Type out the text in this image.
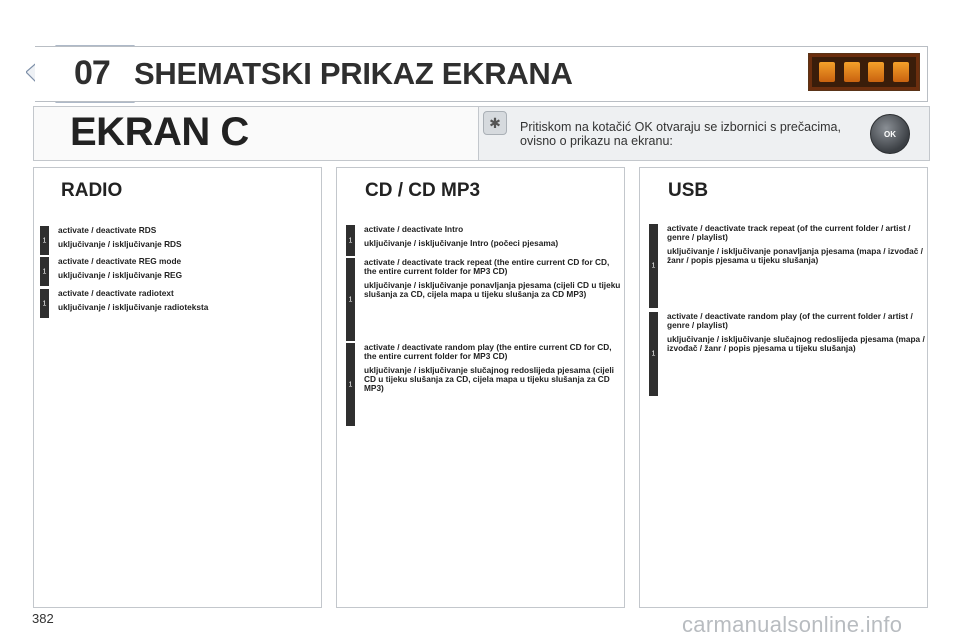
07 SHEMATSKI PRIKAZ EKRANA
EKRAN C	✱	Pritiskom na kotačić OK otvaraju se izbornici s prečacima, ovisno o prikazu na ekranu:	OK
RADIO
1

activate / deactivate RDS

uključivanje / isključivanje RDS

1

activate / deactivate REG mode

uključivanje / isključivanje REG

1

activate / deactivate radiotext

uključivanje / isključivanje radioteksta

CD / CD MP3
1

activate / deactivate Intro

uključivanje / isključivanje Intro (počeci pjesama)

1

activate / deactivate track repeat (the entire current CD for CD, the entire current folder for MP3 CD)

uključivanje / isključivanje ponavljanja pjesama (cijeli CD u tijeku slušanja za CD, cijela mapa u tijeku slušanja za CD MP3)

1

activate / deactivate random play (the entire current CD for CD, the entire current folder for MP3 CD)

uključivanje / isključivanje slučajnog redoslijeda pjesama (cijeli CD u tijeku slušanja za CD, cijela mapa u tijeku slušanja za CD MP3)

USB
1

activate / deactivate track repeat (of the current folder / artist / genre / playlist)

uključivanje / isključivanje ponavljanja pjesama (mapa / izvođač / žanr / popis pjesama u tijeku slušanja)

1

activate / deactivate random play (of the current folder / artist / genre / playlist)

uključivanje / isključivanje slučajnog redoslijeda pjesama (mapa / izvođač / žanr / popis pjesama u tijeku slušanja)

382	carmanualsonline.info
